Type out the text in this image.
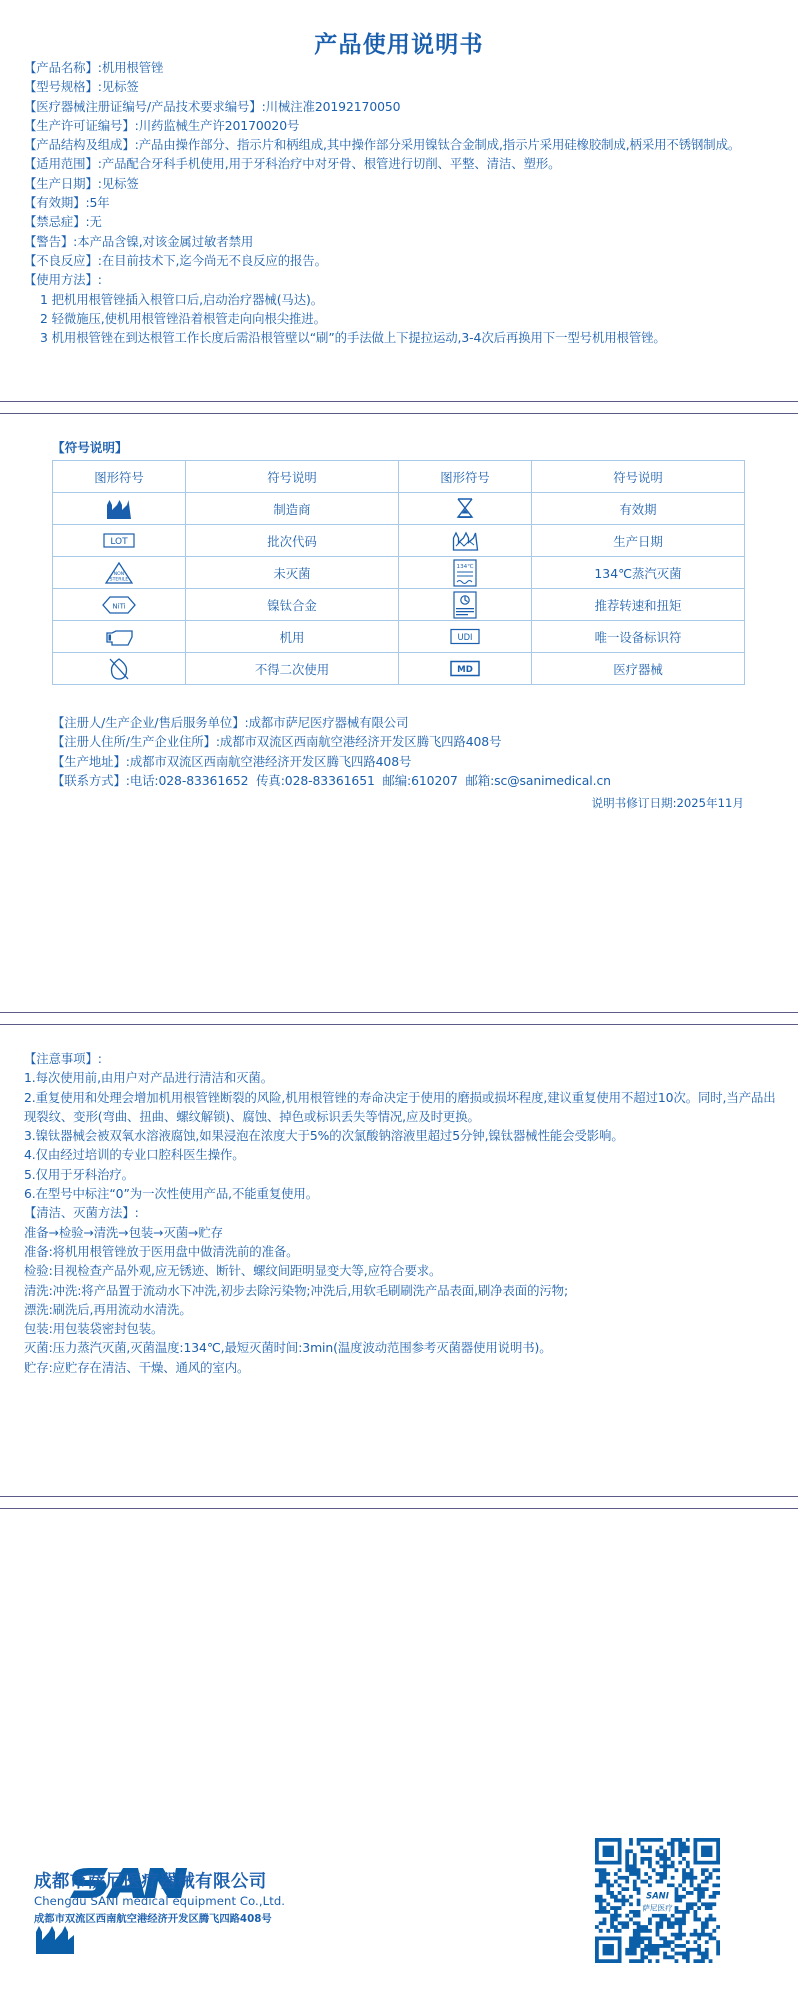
产品使用说明书
【产品名称】:机用根管锉
【型号规格】:见标签
【医疗器械注册证编号/产品技术要求编号】:川械注准20192170050
【生产许可证编号】:川药监械生产许20170020号
【产品结构及组成】:产品由操作部分、指示片和柄组成,其中操作部分采用镍钛合金制成,指示片采用硅橡胶制成,柄采用不锈钢制成。
【适用范围】:产品配合牙科手机使用,用于牙科治疗中对牙骨、根管进行切削、平整、清洁、塑形。
【生产日期】:见标签
【有效期】:5年
【禁忌症】:无
【警告】:本产品含镍,对该金属过敏者禁用
【不良反应】:在目前技术下,迄今尚无不良反应的报告。
【使用方法】:
1 把机用根管锉插入根管口后,启动治疗器械(马达)。
2 轻微施压,使机用根管锉沿着根管走向向根尖推进。
3 机用根管锉在到达根管工作长度后需沿根管壁以“刷”的手法做上下提拉运动,3-4次后再换用下一型号机用根管锉。
【符号说明】
图形符号	符号说明	图形符号	符号说明
	制造商		有效期

LOT	批次代码		生产日期

NON
STERILE	未灭菌	134℃	134℃蒸汽灭菌

NiTi	镍钛合金		推荐转速和扭矩
	机用	UDI	唯一设备标识符
	不得二次使用	MD	医疗器械
【注册人/生产企业/售后服务单位】:成都市萨尼医疗器械有限公司
【注册人住所/生产企业住所】:成都市双流区西南航空港经济开发区腾飞四路408号
【生产地址】:成都市双流区西南航空港经济开发区腾飞四路408号
【联系方式】:电话:028-83361652  传真:028-83361651  邮编:610207  邮箱:sc@sanimedical.cn
说明书修订日期:2025年11月
【注意事项】:
1.每次使用前,由用户对产品进行清洁和灭菌。
2.重复使用和处理会增加机用根管锉断裂的风险,机用根管锉的寿命决定于使用的磨损或损坏程度,建议重复使用不超过10次。同时,当产品出现裂纹、变形(弯曲、扭曲、螺纹解锁)、腐蚀、掉色或标识丢失等情况,应及时更换。
3.镍钛器械会被双氧水溶液腐蚀,如果浸泡在浓度大于5%的次氯酸钠溶液里超过5分钟,镍钛器械性能会受影响。
4.仅由经过培训的专业口腔科医生操作。
5.仅用于牙科治疗。
6.在型号中标注“0”为一次性使用产品,不能重复使用。
【清洁、灭菌方法】:
准备→检验→清洗→包装→灭菌→贮存
准备:将机用根管锉放于医用盘中做清洗前的准备。
检验:目视检查产品外观,应无锈迹、断针、螺纹间距明显变大等,应符合要求。
清洗:冲洗:将产品置于流动水下冲洗,初步去除污染物;冲洗后,用软毛刷刷洗产品表面,刷净表面的污物;
漂洗:刷洗后,再用流动水清洗。
包装:用包装袋密封包装。
灭菌:压力蒸汽灭菌,灭菌温度:134℃,最短灭菌时间:3min(温度波动范围参考灭菌器使用说明书)。
贮存:应贮存在清洁、干燥、通风的室内。
成都市萨尼医疗器械有限公司
Chengdu SANI medical equipment Co.,Ltd.
成都市双流区西南航空港经济开发区腾飞四路408号
SANI
萨尼医疗
